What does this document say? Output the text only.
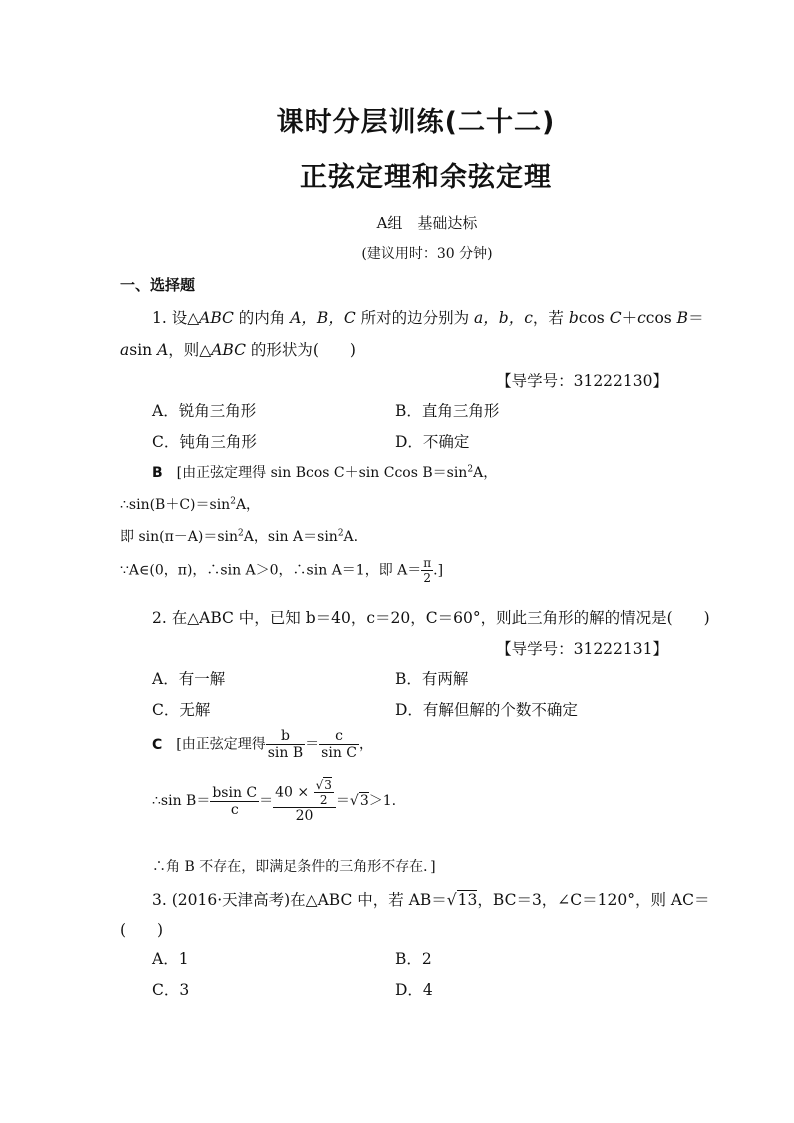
课时分层训练(二十二)
正弦定理和余弦定理
A组　基础达标
(建议用时：30 分钟)
一、选择题
1. 设△ABC 的内角 A，B，C 所对的边分别为 a，b，c，若 bcos C＋ccos B＝
asin A，则△ABC 的形状为(　　)
【导学号：31222130】
A．锐角三角形	B．直角三角形
C．钝角三角形	D．不确定
B [由正弦定理得 sin Bcos C＋sin Ccos $B=\sin^2A$，
$\therefore\sin(B+C)=\sin^2A$，
即 $\sin(\pi-A)=\sin^2A$，$\sin A=\sin^2A$.
∵A∈(0，π)，∴sin A＞0，∴sin A＝1，即 $A= \frac{\pi}{2}$ .]
2. 在△ABC 中，已知 b＝40，c＝20，C＝60°，则此三角形的解的情况是(　　)
【导学号：31222131】
A．有一解	B．有两解
C．无解	D．有解但解的个数不确定
C [由正弦定理得 $\frac{b}{\text{sin B}} = \frac{c}{\text{sin C}}$ ，
∴sin $B= \frac{\text{bsin C}}{c} = \frac{40 \times \frac{√3}{2}}{20} =√3>1$.
∴角 B 不存在，即满足条件的三角形不存在．]
3. (2016·天津高考)在△ABC 中，若 AB＝√13，BC＝3，∠C＝120°，则 AC＝
(　　)
A．1	B．2
C．3	D．4
